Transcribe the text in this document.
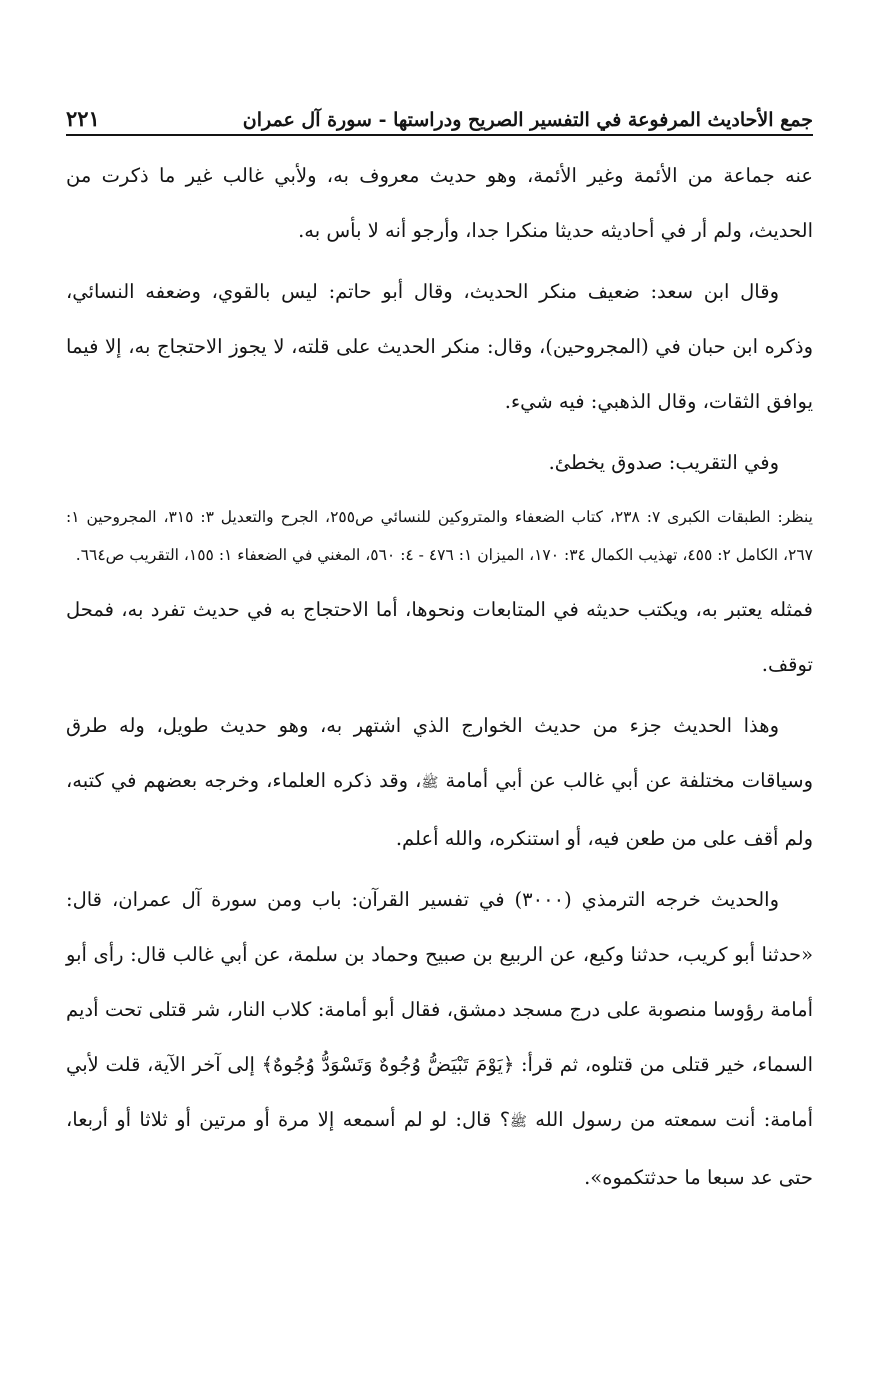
جمع الأحاديث المرفوعة في التفسير الصريح ودراستها - سورة آل عمران
٢٢١

عنه جماعة من الأئمة وغير الأئمة، وهو حديث معروف به، ولأبي غالب غير ما ذكرت من الحديث، ولم أر في أحاديثه حديثا منكرا جدا، وأرجو أنه لا بأس به.

وقال ابن سعد: ضعيف منكر الحديث، وقال أبو حاتم: ليس بالقوي، وضعفه النسائي، وذكره ابن حبان في (المجروحين)، وقال: منكر الحديث على قلته، لا يجوز الاحتجاج به، إلا فيما يوافق الثقات، وقال الذهبي: فيه شيء.

وفي التقريب: صدوق يخطئ.

ينظر: الطبقات الكبرى ٧: ٢٣٨، كتاب الضعفاء والمتروكين للنسائي ص٢٥٥، الجرح والتعديل ٣: ٣١٥، المجروحين ١: ٢٦٧، الكامل ٢: ٤٥٥، تهذيب الكمال ٣٤: ١٧٠، الميزان ١: ٤٧٦ - ٤: ٥٦٠، المغني في الضعفاء ١: ١٥٥، التقريب ص٦٦٤.

فمثله يعتبر به، ويكتب حديثه في المتابعات ونحوها، أما الاحتجاج به في حديث تفرد به، فمحل توقف.

وهذا الحديث جزء من حديث الخوارج الذي اشتهر به، وهو حديث طويل، وله طرق وسياقات مختلفة عن أبي غالب عن أبي أمامة ﷺ، وقد ذكره العلماء، وخرجه بعضهم في كتبه، ولم أقف على من طعن فيه، أو استنكره، والله أعلم.

والحديث خرجه الترمذي (٣٠٠٠) في تفسير القرآن: باب ومن سورة آل عمران، قال: «حدثنا أبو كريب، حدثنا وكيع، عن الربيع بن صبيح وحماد بن سلمة، عن أبي غالب قال: رأى أبو أمامة رؤوسا منصوبة على درج مسجد دمشق، فقال أبو أمامة: كلاب النار، شر قتلى تحت أديم السماء، خير قتلى من قتلوه، ثم قرأ: ﴿يَوْمَ تَبْيَضُّ وُجُوهٌ وَتَسْوَدُّ وُجُوهٌ﴾ إلى آخر الآية، قلت لأبي أمامة: أنت سمعته من رسول الله ﷺ؟ قال: لو لم أسمعه إلا مرة أو مرتين أو ثلاثا أو أربعا، حتى عد سبعا ما حدثتكموه».
